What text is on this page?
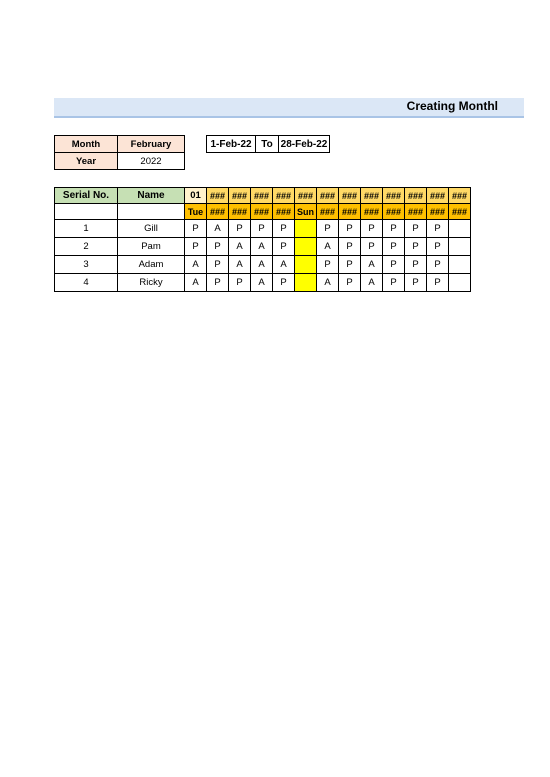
Creating Monthl
Month	February
Year	2022
1-Feb-22	To	28-Feb-22
Serial No.	Name	01	###	###	###	###	###	###	###	###	###	###	###	###
		Tue	###	###	###	###	Sun	###	###	###	###	###	###	###
1	Gill	P	A	P	P	P		P	P	P	P	P	P	
2	Pam	P	P	A	A	P		A	P	P	P	P	P	
3	Adam	A	P	A	A	A		P	P	A	P	P	P	
4	Ricky	A	P	P	A	P		A	P	A	P	P	P	
